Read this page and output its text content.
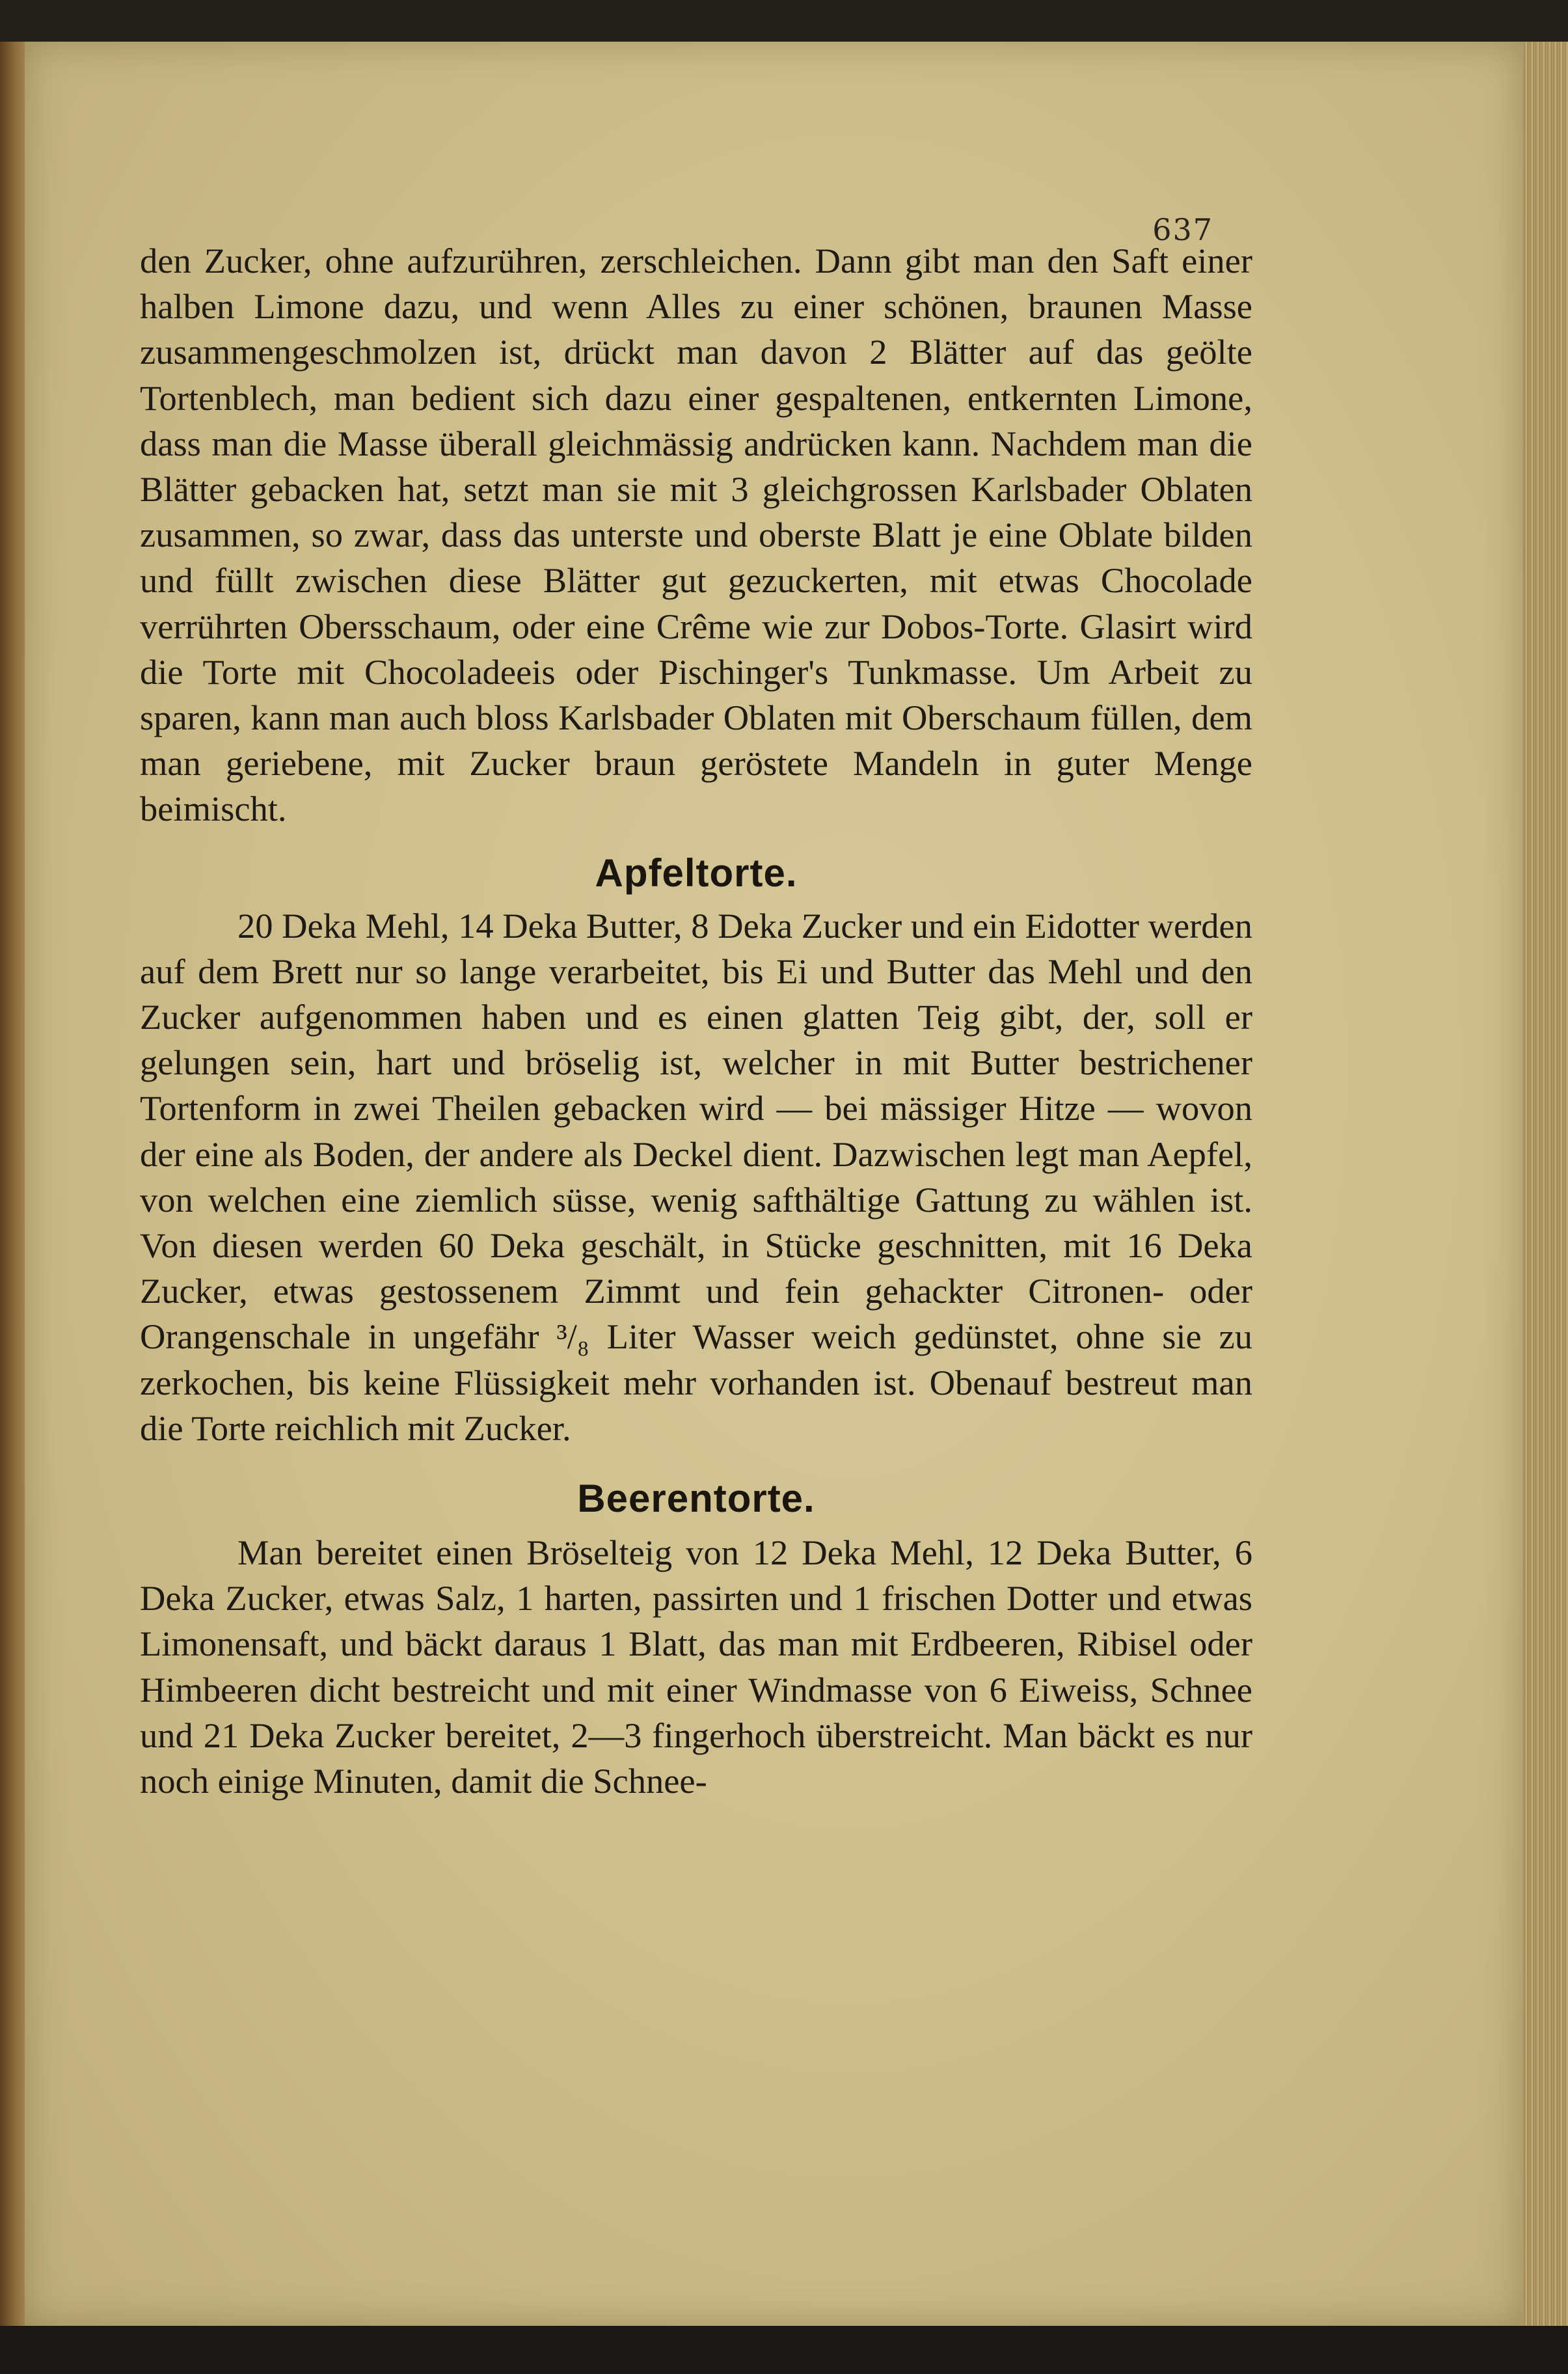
637

den Zucker, ohne aufzurühren, zerschleichen. Dann gibt man den Saft einer halben Limone dazu, und wenn Alles zu einer schönen, braunen Masse zusammengeschmolzen ist, drückt man davon 2 Blätter auf das geölte Tortenblech, man bedient sich dazu einer gespaltenen, entkernten Limone, dass man die Masse überall gleichmässig andrücken kann. Nachdem man die Blätter gebacken hat, setzt man sie mit 3 gleichgrossen Karlsbader Oblaten zusammen, so zwar, dass das unterste und oberste Blatt je eine Oblate bilden und füllt zwischen diese Blätter gut gezuckerten, mit etwas Chocolade verrührten Obersschaum, oder eine Crême wie zur Dobos-Torte. Glasirt wird die Torte mit Chocoladeeis oder Pischinger's Tunkmasse. Um Arbeit zu sparen, kann man auch bloss Karlsbader Oblaten mit Oberschaum füllen, dem man geriebene, mit Zucker braun geröstete Mandeln in guter Menge beimischt.

Apfeltorte.

20 Deka Mehl, 14 Deka Butter, 8 Deka Zucker und ein Eidotter werden auf dem Brett nur so lange verarbeitet, bis Ei und Butter das Mehl und den Zucker aufgenommen haben und es einen glatten Teig gibt, der, soll er gelungen sein, hart und bröselig ist, welcher in mit Butter bestrichener Tortenform in zwei Theilen gebacken wird — bei mässiger Hitze — wovon der eine als Boden, der andere als Deckel dient. Dazwischen legt man Aepfel, von welchen eine ziemlich süsse, wenig safthältige Gattung zu wählen ist. Von diesen werden 60 Deka geschält, in Stücke geschnitten, mit 16 Deka Zucker, etwas gestossenem Zimmt und fein gehackter Citronen- oder Orangenschale in ungefähr ³/₈ Liter Wasser weich gedünstet, ohne sie zu zerkochen, bis keine Flüssigkeit mehr vorhanden ist. Obenauf bestreut man die Torte reichlich mit Zucker.

Beerentorte.

Man bereitet einen Bröselteig von 12 Deka Mehl, 12 Deka Butter, 6 Deka Zucker, etwas Salz, 1 harten, passirten und 1 frischen Dotter und etwas Limonensaft, und bäckt daraus 1 Blatt, das man mit Erdbeeren, Ribisel oder Himbeeren dicht bestreicht und mit einer Windmasse von 6 Eiweiss, Schnee und 21 Deka Zucker bereitet, 2—3 fingerhoch überstreicht. Man bäckt es nur noch einige Minuten, damit die Schnee-
